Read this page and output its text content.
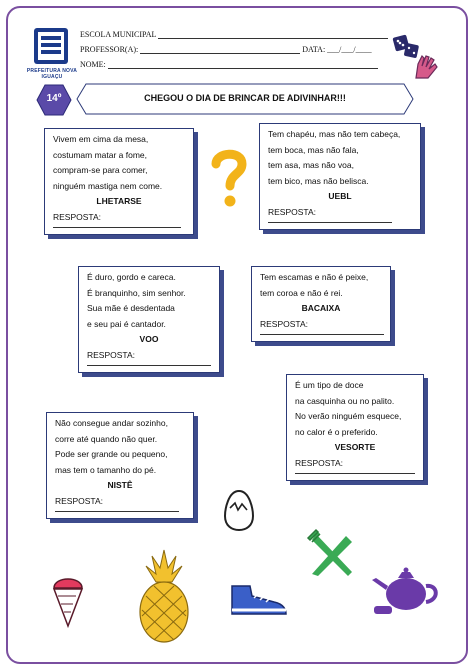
PREFEITURA NOVA IGUAÇU
ESCOLA MUNICIPAL
PROFESSOR(A):	DATA: ___/___/____
NOME:
14º	CHEGOU O DIA DE BRINCAR DE ADIVINHAR!!!
Vivem em cima da mesa,
costumam matar a fome,
compram-se para comer,
ninguém mastiga nem come.
LHETARSE
RESPOSTA:
Tem chapéu, mas não tem cabeça,
tem boca, mas não fala,
tem asa, mas não voa,
tem bico, mas não belisca.
UEBL
RESPOSTA:
É duro, gordo e careca.
É branquinho, sim senhor.
Sua mãe é desdentada
e seu pai é cantador.
VOO
RESPOSTA:
Tem escamas e não é peixe,
tem coroa e não é rei.
BACAIXA
RESPOSTA:
É um tipo de doce
na casquinha ou no palito.
No verão ninguém esquece,
no calor é o preferido.
VESORTE
RESPOSTA:
Não consegue andar sozinho,
corre até quando não quer.
Pode ser grande ou pequeno,
mas tem o tamanho do pé.
NISTÊ
RESPOSTA:
